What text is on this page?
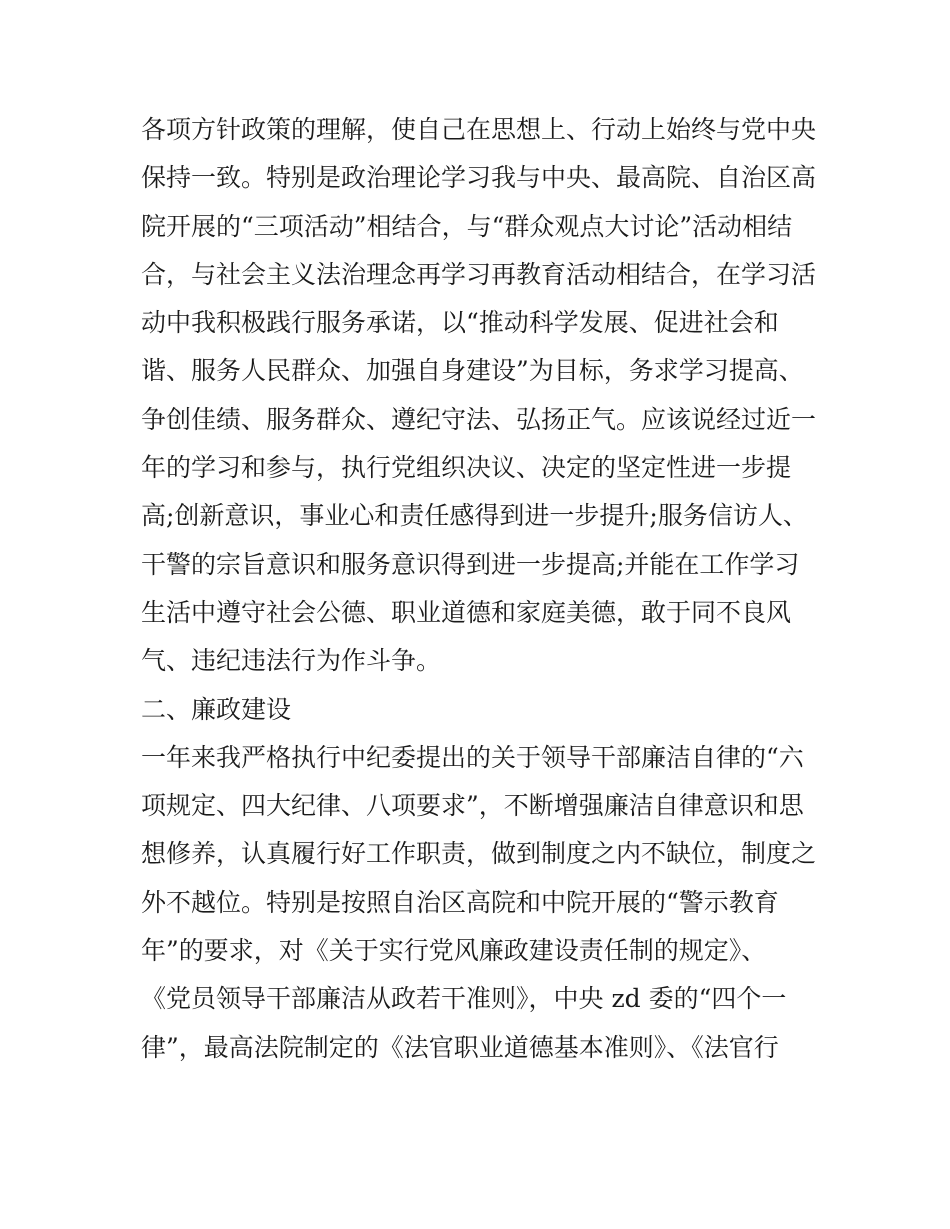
各项方针政策的理解，使自己在思想上、行动上始终与党中央
保持一致。特别是政治理论学习我与中央、最高院、自治区高
院开展的“三项活动”相结合，与“群众观点大讨论”活动相结
合，与社会主义法治理念再学习再教育活动相结合，在学习活
动中我积极践行服务承诺，以“推动科学发展、促进社会和
谐、服务人民群众、加强自身建设”为目标，务求学习提高、
争创佳绩、服务群众、遵纪守法、弘扬正气。应该说经过近一
年的学习和参与，执行党组织决议、决定的坚定性进一步提
高;创新意识，事业心和责任感得到进一步提升;服务信访人、
干警的宗旨意识和服务意识得到进一步提高;并能在工作学习
生活中遵守社会公德、职业道德和家庭美德，敢于同不良风
气、违纪违法行为作斗争。
二、廉政建设
一年来我严格执行中纪委提出的关于领导干部廉洁自律的“六
项规定、四大纪律、八项要求”，不断增强廉洁自律意识和思
想修养，认真履行好工作职责，做到制度之内不缺位，制度之
外不越位。特别是按照自治区高院和中院开展的“警示教育
年”的要求，对《关于实行党风廉政建设责任制的规定》、
《党员领导干部廉洁从政若干准则》，中央 zd 委的“四个一
律”，最高法院制定的《法官职业道德基本准则》、《法官行
